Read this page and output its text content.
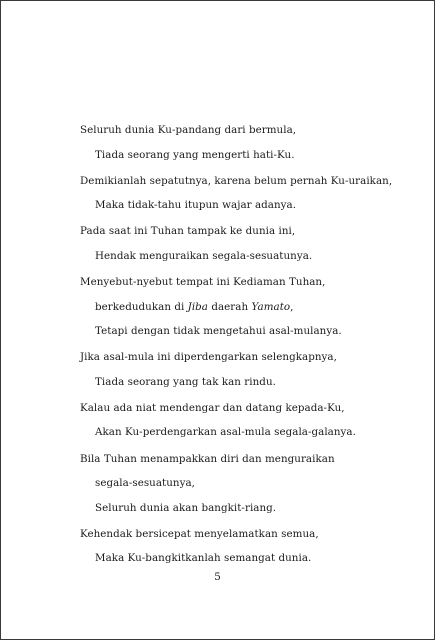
Seluruh dunia Ku-pandang dari bermula,
Tiada seorang yang mengerti hati-Ku.
Demikianlah sepatutnya, karena belum pernah Ku-uraikan,
Maka tidak-tahu itupun wajar adanya.
Pada saat ini Tuhan tampak ke dunia ini,
Hendak menguraikan segala-sesuatunya.
Menyebut-nyebut tempat ini Kediaman Tuhan,
berkedudukan di Jiba daerah Yamato,
Tetapi dengan tidak mengetahui asal-mulanya.
Jika asal-mula ini diperdengarkan selengkapnya,
Tiada seorang yang tak kan rindu.
Kalau ada niat mendengar dan datang kepada-Ku,
Akan Ku-perdengarkan asal-mula segala-galanya.
Bila Tuhan menampakkan diri dan menguraikan
segala-sesuatunya,
Seluruh dunia akan bangkit-riang.
Kehendak bersicepat menyelamatkan semua,
Maka Ku-bangkitkanlah semangat dunia.
5
